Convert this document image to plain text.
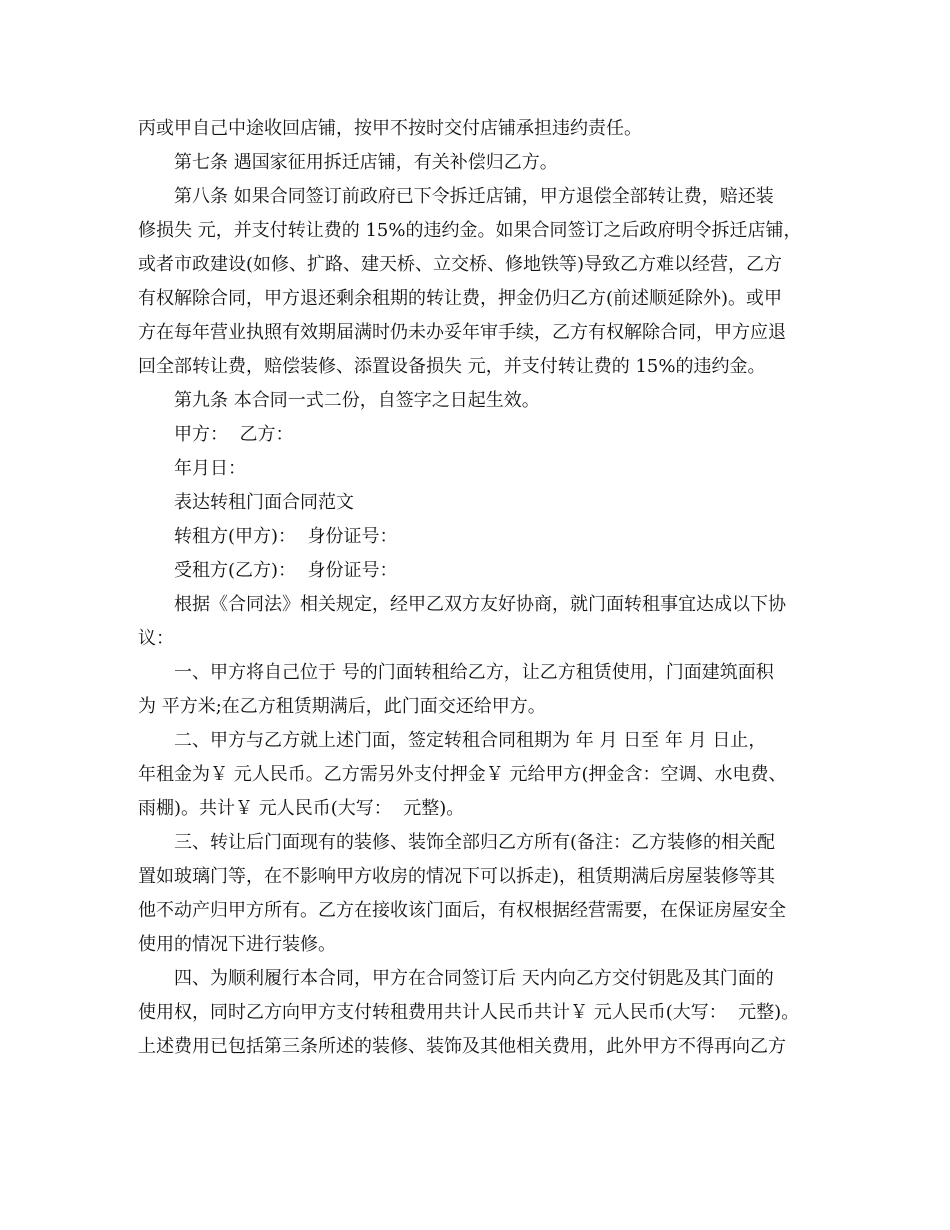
丙或甲自己中途收回店铺，按甲不按时交付店铺承担违约责任。
第七条 遇国家征用拆迁店铺，有关补偿归乙方。
第八条 如果合同签订前政府已下令拆迁店铺，甲方退偿全部转让费，赔还装
修损失 元，并支付转让费的 15%的违约金。如果合同签订之后政府明令拆迁店铺，
或者市政建设(如修、扩路、建天桥、立交桥、修地铁等)导致乙方难以经营，乙方
有权解除合同，甲方退还剩余租期的转让费，押金仍归乙方(前述顺延除外)。或甲
方在每年营业执照有效期届满时仍未办妥年审手续，乙方有权解除合同，甲方应退
回全部转让费，赔偿装修、添置设备损失 元，并支付转让费的 15%的违约金。
第九条 本合同一式二份，自签字之日起生效。
甲方：  乙方：
年月日：
表达转租门面合同范文
转租方(甲方)：  身份证号：
受租方(乙方)：  身份证号：
根据《合同法》相关规定，经甲乙双方友好协商，就门面转租事宜达成以下协
议：
一、甲方将自己位于 号的门面转租给乙方，让乙方租赁使用，门面建筑面积
为 平方米;在乙方租赁期满后，此门面交还给甲方。
二、甲方与乙方就上述门面，签定转租合同租期为 年 月 日至 年 月 日止，
年租金为￥ 元人民币。乙方需另外支付押金￥ 元给甲方(押金含：空调、水电费、
雨棚)。共计￥ 元人民币(大写：  元整)。
三、转让后门面现有的装修、装饰全部归乙方所有(备注：乙方装修的相关配
置如玻璃门等，在不影响甲方收房的情况下可以拆走)，租赁期满后房屋装修等其
他不动产归甲方所有。乙方在接收该门面后，有权根据经营需要，在保证房屋安全
使用的情况下进行装修。
四、为顺利履行本合同，甲方在合同签订后 天内向乙方交付钥匙及其门面的
使用权，同时乙方向甲方支付转租费用共计人民币共计￥ 元人民币(大写：  元整)。
上述费用已包括第三条所述的装修、装饰及其他相关费用，此外甲方不得再向乙方
